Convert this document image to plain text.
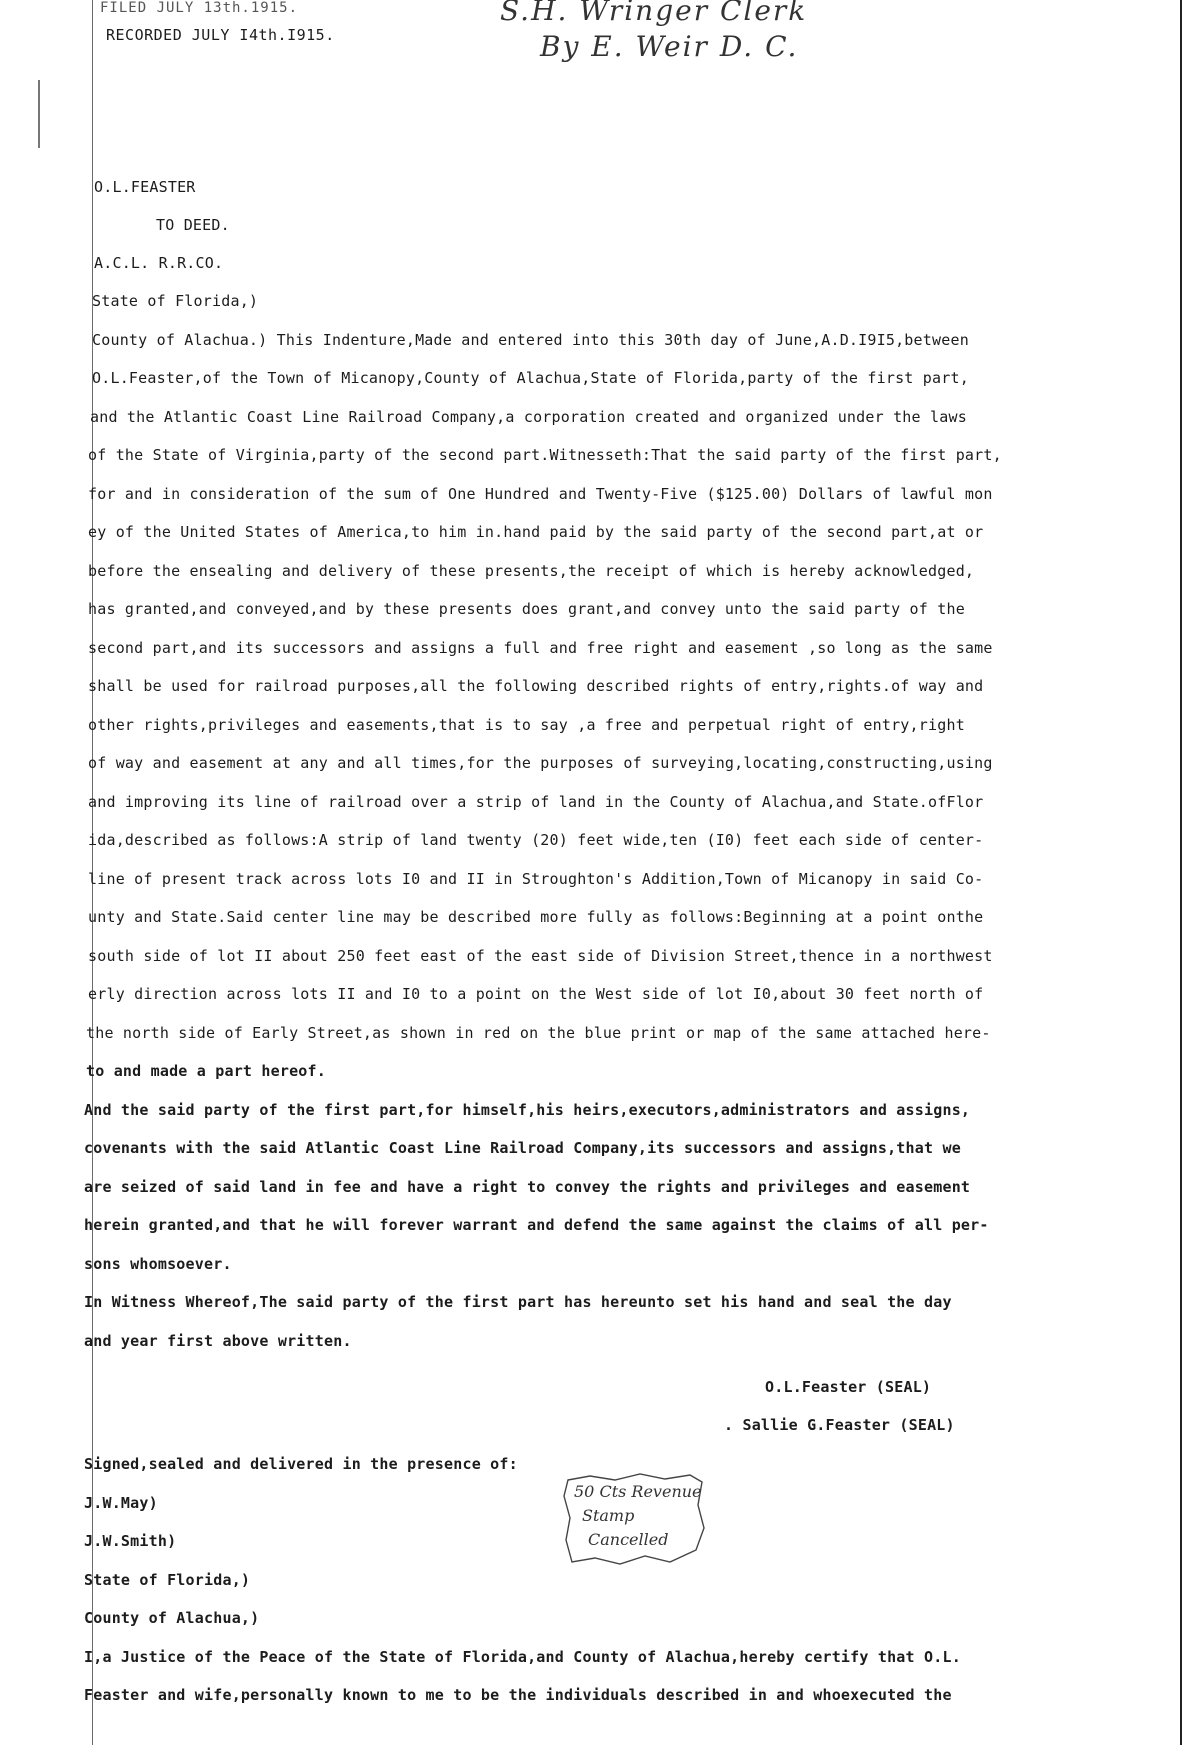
FILED JULY 13th.1915.
RECORDED JULY I4th.I915.
S.H. Wringer Clerk
By E. Weir D. C.
O.L.FEASTER
TO DEED.
A.C.L. R.R.CO.
State of Florida,)
County of Alachua.) This Indenture,Made and entered into this 30th day of June,A.D.I9I5,between
O.L.Feaster,of the Town of Micanopy,County of Alachua,State of Florida,party of the first part,
and the Atlantic Coast Line Railroad Company,a corporation created and organized under the laws
of the State of Virginia,party of the second part.Witnesseth:That the said party of the first part,
for and in consideration of the sum of One Hundred and Twenty-Five ($125.00) Dollars of lawful mon
ey of the United States of America,to him in.hand paid by the said party of the second part,at or
before the ensealing and delivery of these presents,the receipt of which is hereby acknowledged,
has granted,and conveyed,and by these presents does grant,and convey unto the said party of the
second part,and its successors and assigns a full and free right and easement ,so long as the same
shall be used for railroad purposes,all the following described rights of entry,rights.of way and
other rights,privileges and easements,that is to say ,a free and perpetual right of entry,right
of way and easement at any and all times,for the purposes of surveying,locating,constructing,using
and improving its line of railroad over a strip of land in the County of Alachua,and State.ofFlor
ida,described as follows:A strip of land twenty (20) feet wide,ten (I0) feet each side of center-
line of present track across lots I0 and II in Stroughton's Addition,Town of Micanopy in said Co-
unty and State.Said center line may be described more fully as follows:Beginning at a point onthe
south side of lot II about 250 feet east of the east side of Division Street,thence in a northwest
erly direction across lots II and I0 to a point on the West side of lot I0,about 30 feet north of
the north side of Early Street,as shown in red on the blue print or map of the same attached here-
to and made a part hereof.
And the said party of the first part,for himself,his heirs,executors,administrators and assigns,
covenants with the said Atlantic Coast Line Railroad Company,its successors and assigns,that we
are seized of said land in fee and have a right to convey the rights and privileges and easement
herein granted,and that he will forever warrant and defend the same against the claims of all per-
sons whomsoever.
In Witness Whereof,The said party of the first part has hereunto set his hand and seal the day
and year first above written.
O.L.Feaster (SEAL)
. Sallie G.Feaster (SEAL)
Signed,sealed and delivered in the presence of:
J.W.May)
J.W.Smith)
State of Florida,)
County of Alachua,)
I,a Justice of the Peace of the State of Florida,and County of Alachua,hereby certify that O.L.
Feaster and wife,personally known to me to be the individuals described in and whoexecuted the
50 Cts Revenue
Stamp
Cancelled
